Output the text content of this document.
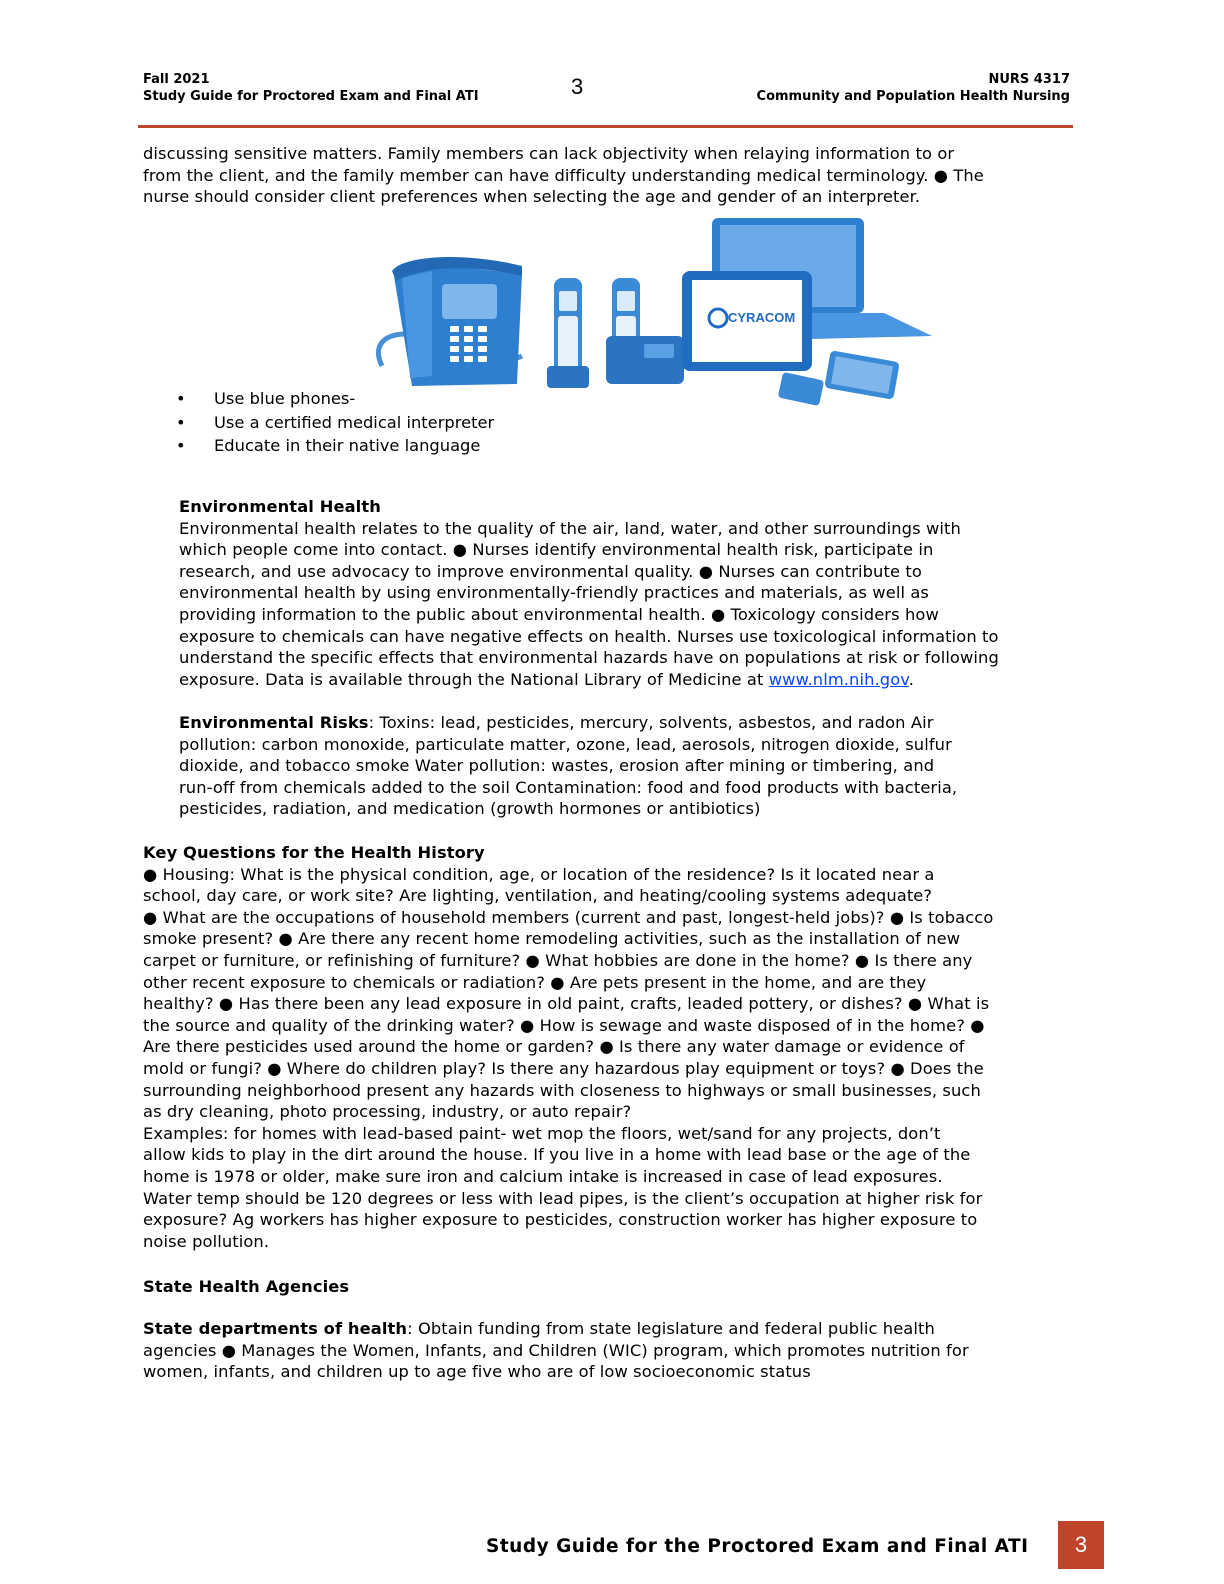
Fall 2021
Study Guide for Proctored Exam and Final ATI	3	NURS 4317
Community and Population Health Nursing
discussing sensitive matters. Family members can lack objectivity when relaying information to or
from the client, and the family member can have difficulty understanding medical terminology. ● The
nurse should consider client preferences when selecting the age and gender of an interpreter.
CYRACOM
• Use blue phones-
• Use a certified medical interpreter
• Educate in their native language
Environmental Health
Environmental health relates to the quality of the air, land, water, and other surroundings with
which people come into contact. ● Nurses identify environmental health risk, participate in
research, and use advocacy to improve environmental quality. ● Nurses can contribute to
environmental health by using environmentally-friendly practices and materials, as well as
providing information to the public about environmental health. ● Toxicology considers how
exposure to chemicals can have negative effects on health. Nurses use toxicological information to
understand the specific effects that environmental hazards have on populations at risk or following
exposure. Data is available through the National Library of Medicine at www.nlm.nih.gov.
Environmental Risks: Toxins: lead, pesticides, mercury, solvents, asbestos, and radon Air
pollution: carbon monoxide, particulate matter, ozone, lead, aerosols, nitrogen dioxide, sulfur
dioxide, and tobacco smoke Water pollution: wastes, erosion after mining or timbering, and
run-off from chemicals added to the soil Contamination: food and food products with bacteria,
pesticides, radiation, and medication (growth hormones or antibiotics)
Key Questions for the Health History
● Housing: What is the physical condition, age, or location of the residence? Is it located near a
school, day care, or work site? Are lighting, ventilation, and heating/cooling systems adequate?
● What are the occupations of household members (current and past, longest-held jobs)? ● Is tobacco
smoke present? ● Are there any recent home remodeling activities, such as the installation of new
carpet or furniture, or refinishing of furniture? ● What hobbies are done in the home? ● Is there any
other recent exposure to chemicals or radiation? ● Are pets present in the home, and are they
healthy? ● Has there been any lead exposure in old paint, crafts, leaded pottery, or dishes? ● What is
the source and quality of the drinking water? ● How is sewage and waste disposed of in the home? ●
Are there pesticides used around the home or garden? ● Is there any water damage or evidence of
mold or fungi? ● Where do children play? Is there any hazardous play equipment or toys? ● Does the
surrounding neighborhood present any hazards with closeness to highways or small businesses, such
as dry cleaning, photo processing, industry, or auto repair?
Examples: for homes with lead-based paint- wet mop the floors, wet/sand for any projects, don’t
allow kids to play in the dirt around the house. If you live in a home with lead base or the age of the
home is 1978 or older, make sure iron and calcium intake is increased in case of lead exposures.
Water temp should be 120 degrees or less with lead pipes, is the client’s occupation at higher risk for
exposure? Ag workers has higher exposure to pesticides, construction worker has higher exposure to
noise pollution.
State Health Agencies
State departments of health: Obtain funding from state legislature and federal public health
agencies ● Manages the Women, Infants, and Children (WIC) program, which promotes nutrition for
women, infants, and children up to age five who are of low socioeconomic status
Study Guide for the Proctored Exam and Final ATI	3
